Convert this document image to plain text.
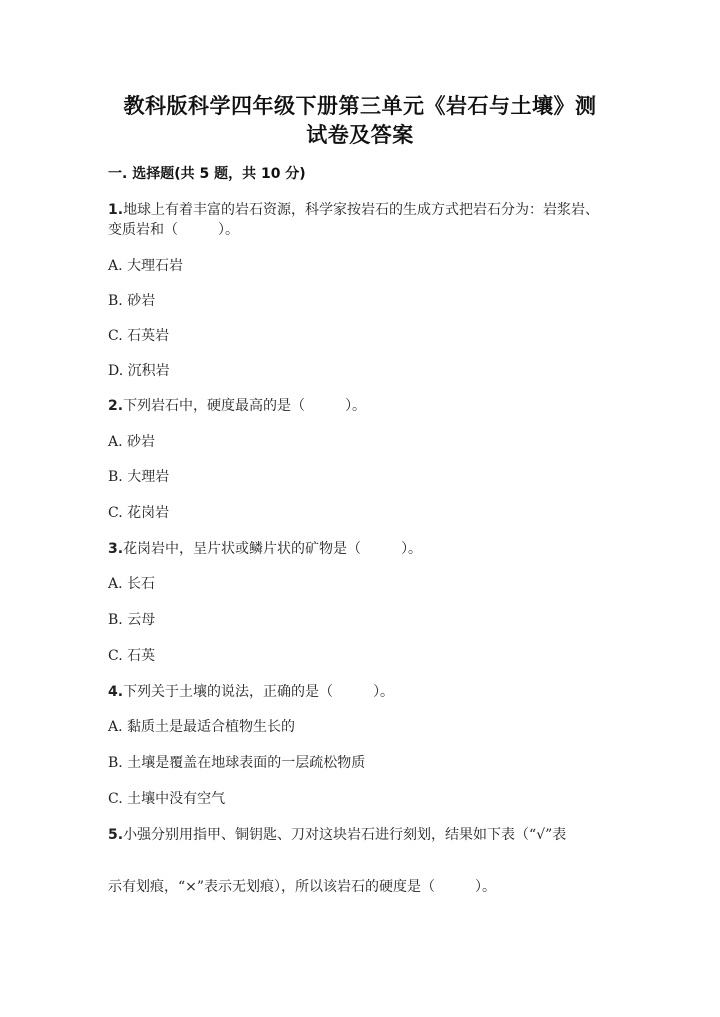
教科版科学四年级下册第三单元《岩石与土壤》测
试卷及答案
一. 选择题(共 5 题，共 10 分)
1.地球上有着丰富的岩石资源，科学家按岩石的生成方式把岩石分为：岩浆岩、
变质岩和（	）。
A. 大理石岩
B. 砂岩
C. 石英岩
D. 沉积岩
2.下列岩石中，硬度最高的是（	）。
A. 砂岩
B. 大理岩
C. 花岗岩
3.花岗岩中，呈片状或鳞片状的矿物是（	）。
A. 长石
B. 云母
C. 石英
4.下列关于土壤的说法，正确的是（	）。
A. 黏质土是最适合植物生长的
B. 土壤是覆盖在地球表面的一层疏松物质
C. 土壤中没有空气
5.小强分别用指甲、铜钥匙、刀对这块岩石进行刻划，结果如下表（“√”表
示有划痕，“×”表示无划痕），所以该岩石的硬度是（	）。
